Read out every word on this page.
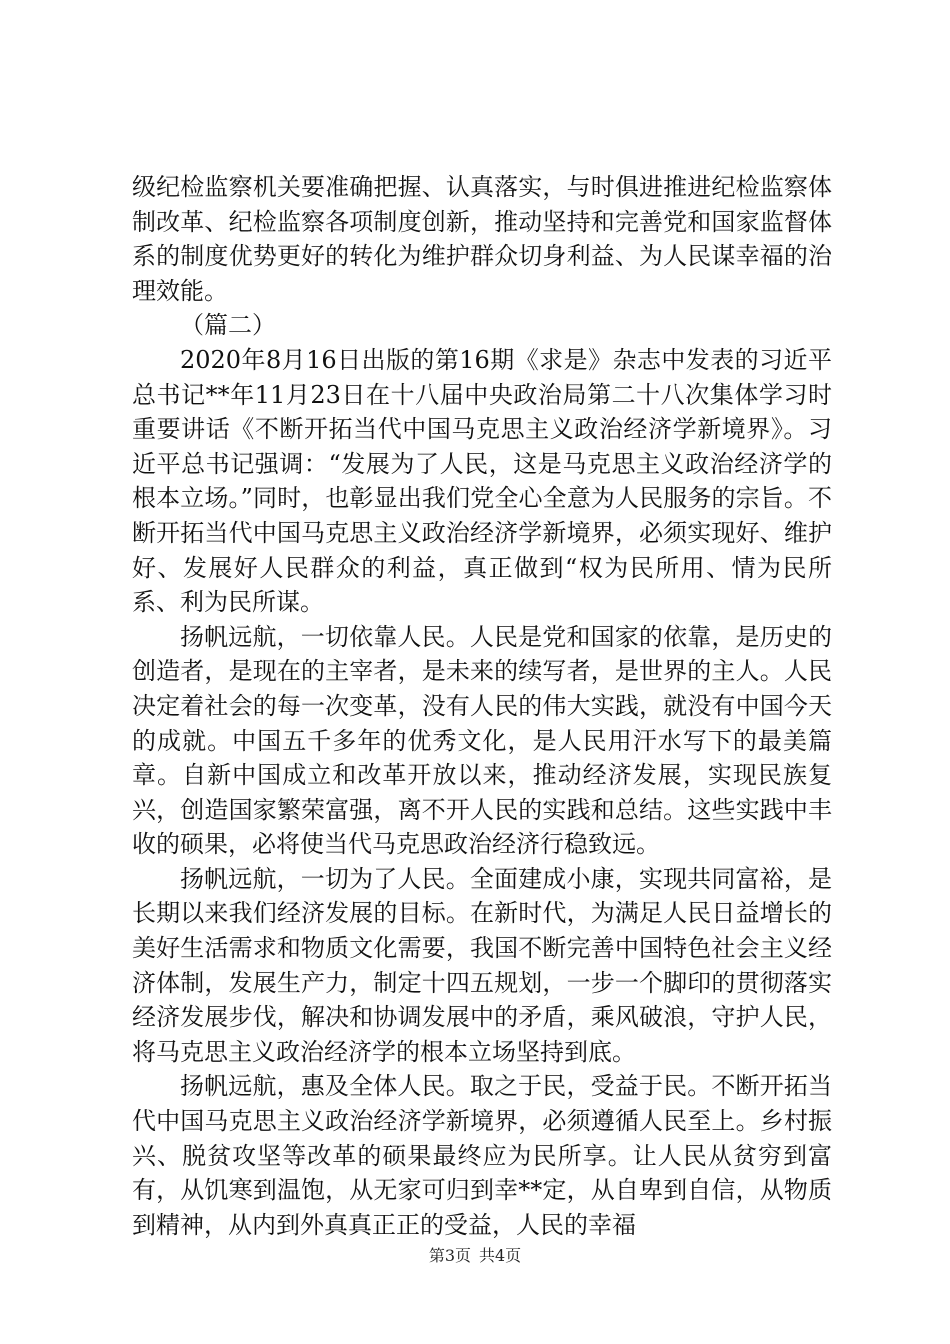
级纪检监察机关要准确把握、认真落实，与时俱进推进纪检监察体制改革、纪检监察各项制度创新，推动坚持和完善党和国家监督体系的制度优势更好的转化为维护群众切身利益、为人民谋幸福的治理效能。

（篇二）

2020年8月16日出版的第16期《求是》杂志中发表的习近平总书记**年11月23日在十八届中央政治局第二十八次集体学习时重要讲话《不断开拓当代中国马克思主义政治经济学新境界》。习近平总书记强调：“发展为了人民，这是马克思主义政治经济学的根本立场。”同时，也彰显出我们党全心全意为人民服务的宗旨。不断开拓当代中国马克思主义政治经济学新境界，必须实现好、维护好、发展好人民群众的利益，真正做到“权为民所用、情为民所系、利为民所谋。

扬帆远航，一切依靠人民。人民是党和国家的依靠，是历史的创造者，是现在的主宰者，是未来的续写者，是世界的主人。人民决定着社会的每一次变革，没有人民的伟大实践，就没有中国今天的成就。中国五千多年的优秀文化，是人民用汗水写下的最美篇章。自新中国成立和改革开放以来，推动经济发展，实现民族复兴，创造国家繁荣富强，离不开人民的实践和总结。这些实践中丰收的硕果，必将使当代马克思政治经济行稳致远。

扬帆远航，一切为了人民。全面建成小康，实现共同富裕，是长期以来我们经济发展的目标。在新时代，为满足人民日益增长的美好生活需求和物质文化需要，我国不断完善中国特色社会主义经济体制，发展生产力，制定十四五规划，一步一个脚印的贯彻落实经济发展步伐，解决和协调发展中的矛盾，乘风破浪，守护人民，将马克思主义政治经济学的根本立场坚持到底。

扬帆远航，惠及全体人民。取之于民，受益于民。不断开拓当代中国马克思主义政治经济学新境界，必须遵循人民至上。乡村振兴、脱贫攻坚等改革的硕果最终应为民所享。让人民从贫穷到富有，从饥寒到温饱，从无家可归到幸**定，从自卑到自信，从物质到精神，从内到外真真正正的受益，人民的幸福

第3页 共4页
